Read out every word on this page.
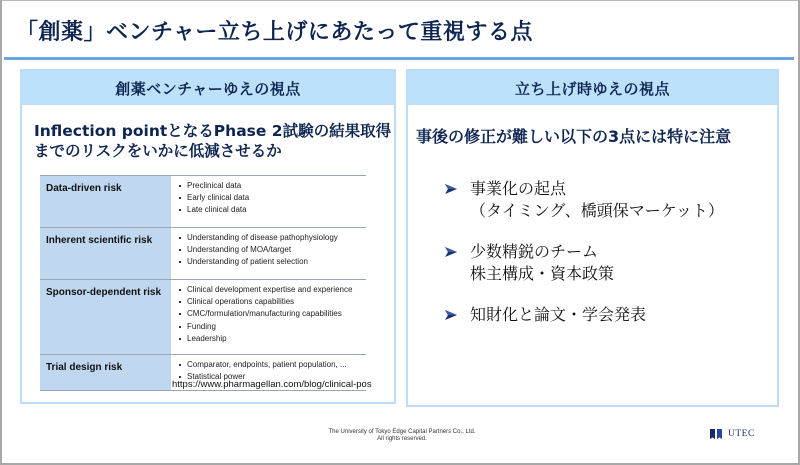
「創薬」ベンチャー立ち上げにあたって重視する点
創薬ベンチャーゆえの視点
Inflection pointとなるPhase 2試験の結果取得
までのリスクをいかに低減させるか
Data-driven risk	Preclinical data
Early clinical data
Late clinical data

Inherent scientific risk	Understanding of disease pathophysiology
Understanding of MOA/target
Understanding of patient selection

Sponsor-dependent risk	Clinical development expertise and experience
Clinical operations capabilities
CMC/formulation/manufacturing capabilities
Funding
Leadership

Trial design risk	Comparator, endpoints, patient population, ...
Statistical power
https://www.pharmagellan.com/blog/clinical-pos
立ち上げ時ゆえの視点
事後の修正が難しい以下の3点には特に注意
事業化の起点
（タイミング、橋頭保マーケット）
少数精鋭のチーム
株主構成・資本政策
知財化と論文・学会発表
The University of Tokyo Edge Capital Partners Co., Ltd.
All rights reserved.	UTEC
